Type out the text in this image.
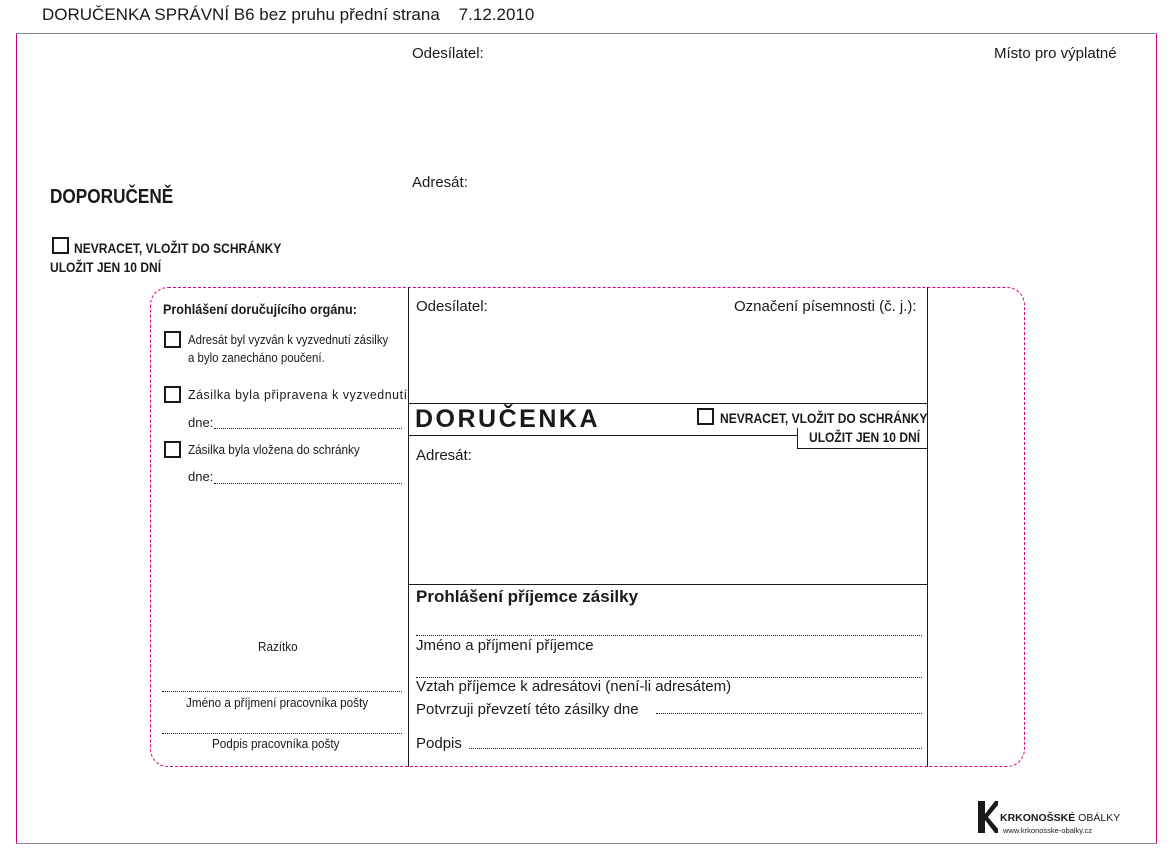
DORUČENKA SPRÁVNÍ B6 bez pruhu přední strana    7.12.2010
Odesílatel:	Místo pro výplatné
Adresát:
DOPORUČENĚ
NEVRACET, VLOŽIT DO SCHRÁNKY
ULOŽIT JEN 10 DNÍ
Prohlášení doručujícího orgánu:
Adresát byl vyzván k vyzvednutí zásilky
a bylo zanecháno poučení.
Zásilka byla připravena k vyzvednutí
dne:
Zásilka byla vložena do schránky
dne:
Razítko
Jméno a příjmení pracovníka pošty
Podpis pracovníka pošty
Odesílatel:	Označení písemnosti (č. j.):
DORUČENKA	NEVRACET, VLOŽIT DO SCHRÁNKY
ULOŽIT JEN 10 DNÍ
Adresát:
Prohlášení příjemce zásilky
Jméno a příjmení příjemce
Vztah příjemce k adresátovi (není-li adresátem)
Potvrzuji převzetí této zásilky dne
Podpis
KRKONOŠSKÉ OBÁLKY
www.krkonosske-obalky.cz
